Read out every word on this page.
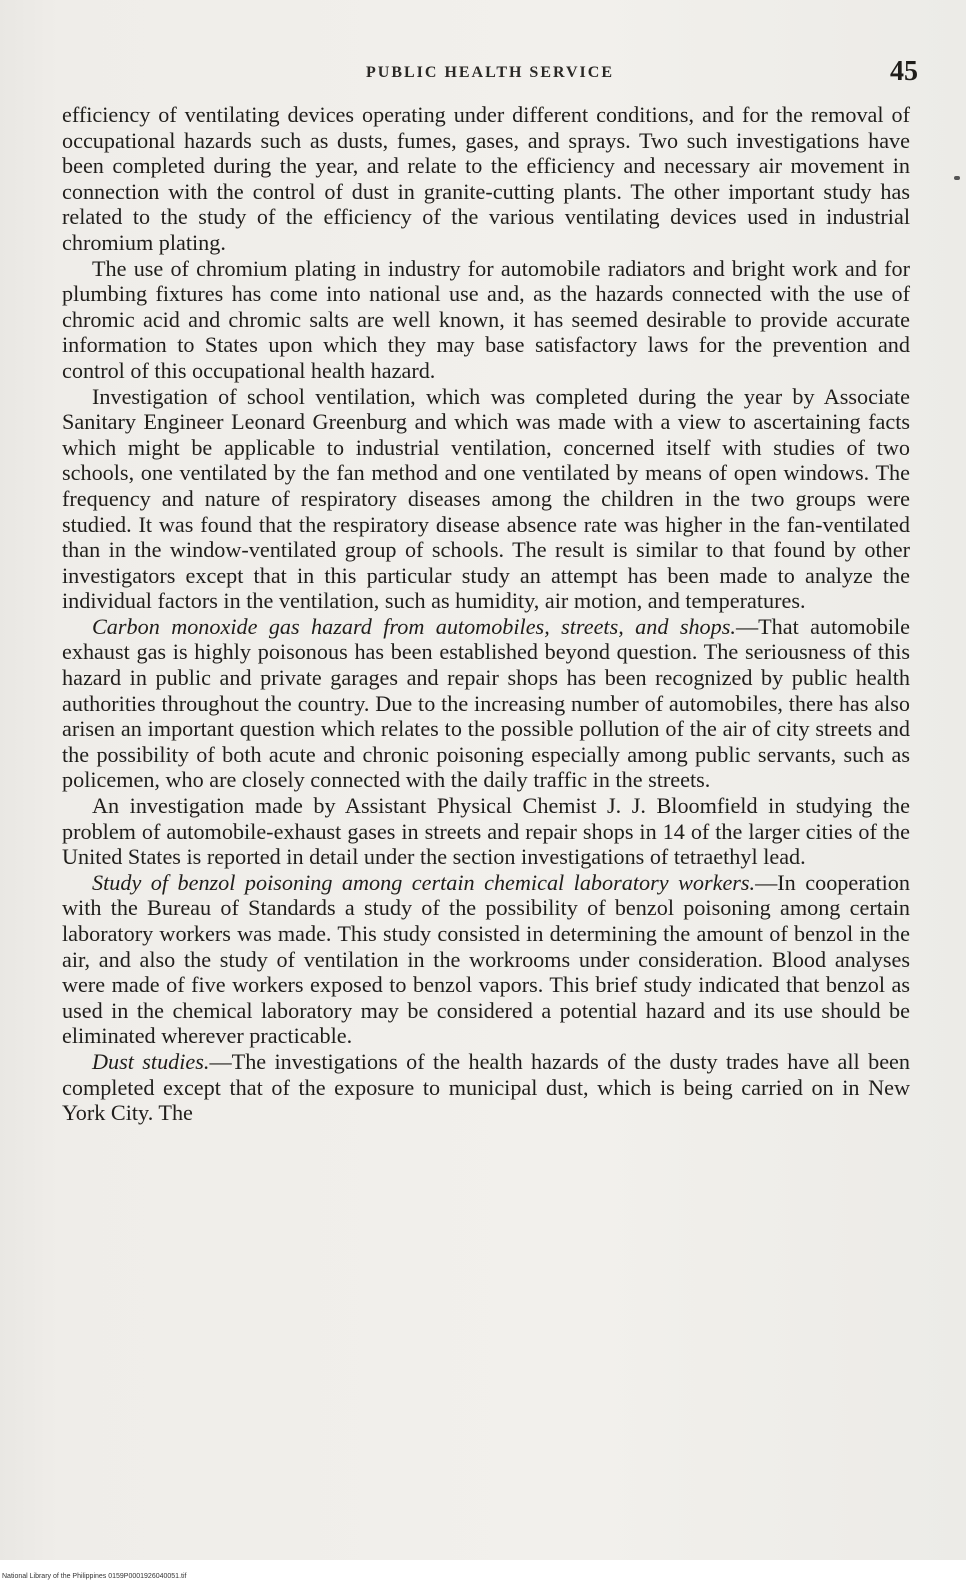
PUBLIC HEALTH SERVICE	45

efficiency of ventilating devices operating under different conditions, and for the removal of occupational hazards such as dusts, fumes, gases, and sprays. Two such investigations have been completed during the year, and relate to the efficiency and necessary air movement in connection with the control of dust in granite-cutting plants. The other important study has related to the study of the efficiency of the various ventilating devices used in industrial chromium plating.

The use of chromium plating in industry for automobile radiators and bright work and for plumbing fixtures has come into national use and, as the hazards connected with the use of chromic acid and chromic salts are well known, it has seemed desirable to provide accurate information to States upon which they may base satisfactory laws for the prevention and control of this occupational health hazard.

Investigation of school ventilation, which was completed during the year by Associate Sanitary Engineer Leonard Greenburg and which was made with a view to ascertaining facts which might be applicable to industrial ventilation, concerned itself with studies of two schools, one ventilated by the fan method and one ventilated by means of open windows. The frequency and nature of respiratory diseases among the children in the two groups were studied. It was found that the respiratory disease absence rate was higher in the fan-ventilated than in the window-ventilated group of schools. The result is similar to that found by other investigators except that in this particular study an attempt has been made to analyze the individual factors in the ventilation, such as humidity, air motion, and temperatures.

Carbon monoxide gas hazard from automobiles, streets, and shops.—That automobile exhaust gas is highly poisonous has been established beyond question. The seriousness of this hazard in public and private garages and repair shops has been recognized by public health authorities throughout the country. Due to the increasing number of automobiles, there has also arisen an important question which relates to the possible pollution of the air of city streets and the possibility of both acute and chronic poisoning especially among public servants, such as policemen, who are closely connected with the daily traffic in the streets.

An investigation made by Assistant Physical Chemist J. J. Bloomfield in studying the problem of automobile-exhaust gases in streets and repair shops in 14 of the larger cities of the United States is reported in detail under the section investigations of tetraethyl lead.

Study of benzol poisoning among certain chemical laboratory workers.—In cooperation with the Bureau of Standards a study of the possibility of benzol poisoning among certain laboratory workers was made. This study consisted in determining the amount of benzol in the air, and also the study of ventilation in the workrooms under consideration. Blood analyses were made of five workers exposed to benzol vapors. This brief study indicated that benzol as used in the chemical laboratory may be considered a potential hazard and its use should be eliminated wherever practicable.

Dust studies.—The investigations of the health hazards of the dusty trades have all been completed except that of the exposure to municipal dust, which is being carried on in New York City. The

National Library of the Philippines 0159P0001926040051.tif
